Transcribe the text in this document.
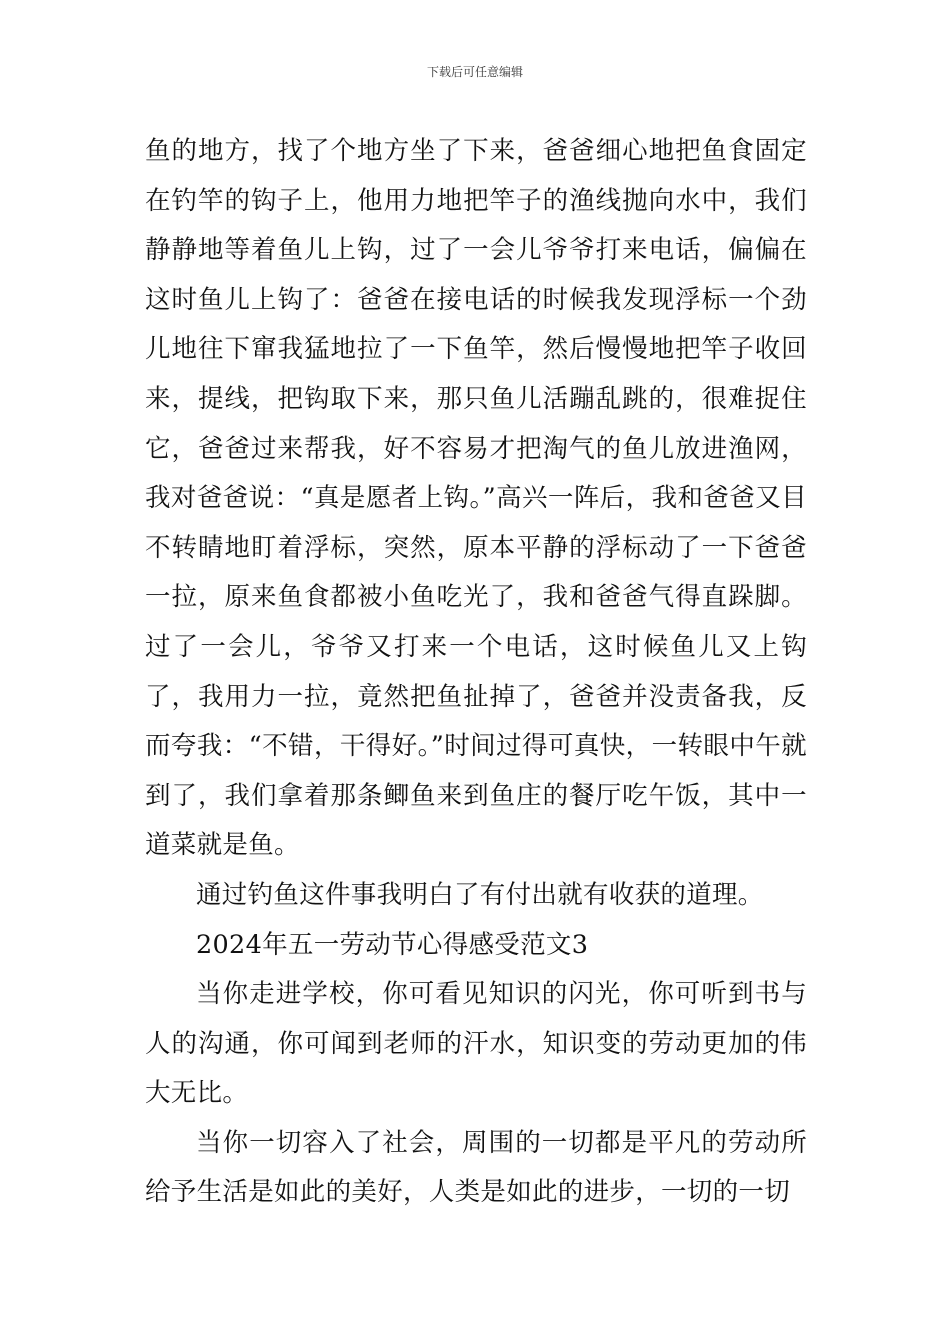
下载后可任意编辑

鱼的地方，找了个地方坐了下来，爸爸细心地把鱼食固定在钓竿的钩子上，他用力地把竿子的渔线抛向水中，我们静静地等着鱼儿上钩，过了一会儿爷爷打来电话，偏偏在这时鱼儿上钩了：爸爸在接电话的时候我发现浮标一个劲儿地往下窜我猛地拉了一下鱼竿，然后慢慢地把竿子收回来，提线，把钩取下来，那只鱼儿活蹦乱跳的，很难捉住它，爸爸过来帮我，好不容易才把淘气的鱼儿放进渔网，我对爸爸说：“真是愿者上钩。”高兴一阵后，我和爸爸又目不转睛地盯着浮标，突然，原本平静的浮标动了一下爸爸一拉，原来鱼食都被小鱼吃光了，我和爸爸气得直跺脚。过了一会儿，爷爷又打来一个电话，这时候鱼儿又上钩了，我用力一拉，竟然把鱼扯掉了，爸爸并没责备我，反而夸我：“不错，干得好。”时间过得可真快，一转眼中午就到了，我们拿着那条鲫鱼来到鱼庄的餐厅吃午饭，其中一道菜就是鱼。

通过钓鱼这件事我明白了有付出就有收获的道理。

2024年五一劳动节心得感受范文3

当你走进学校，你可看见知识的闪光，你可听到书与人的沟通，你可闻到老师的汗水，知识变的劳动更加的伟大无比。

当你一切容入了社会，周围的一切都是平凡的劳动所给予生活是如此的美好，人类是如此的进步，一切的一切
